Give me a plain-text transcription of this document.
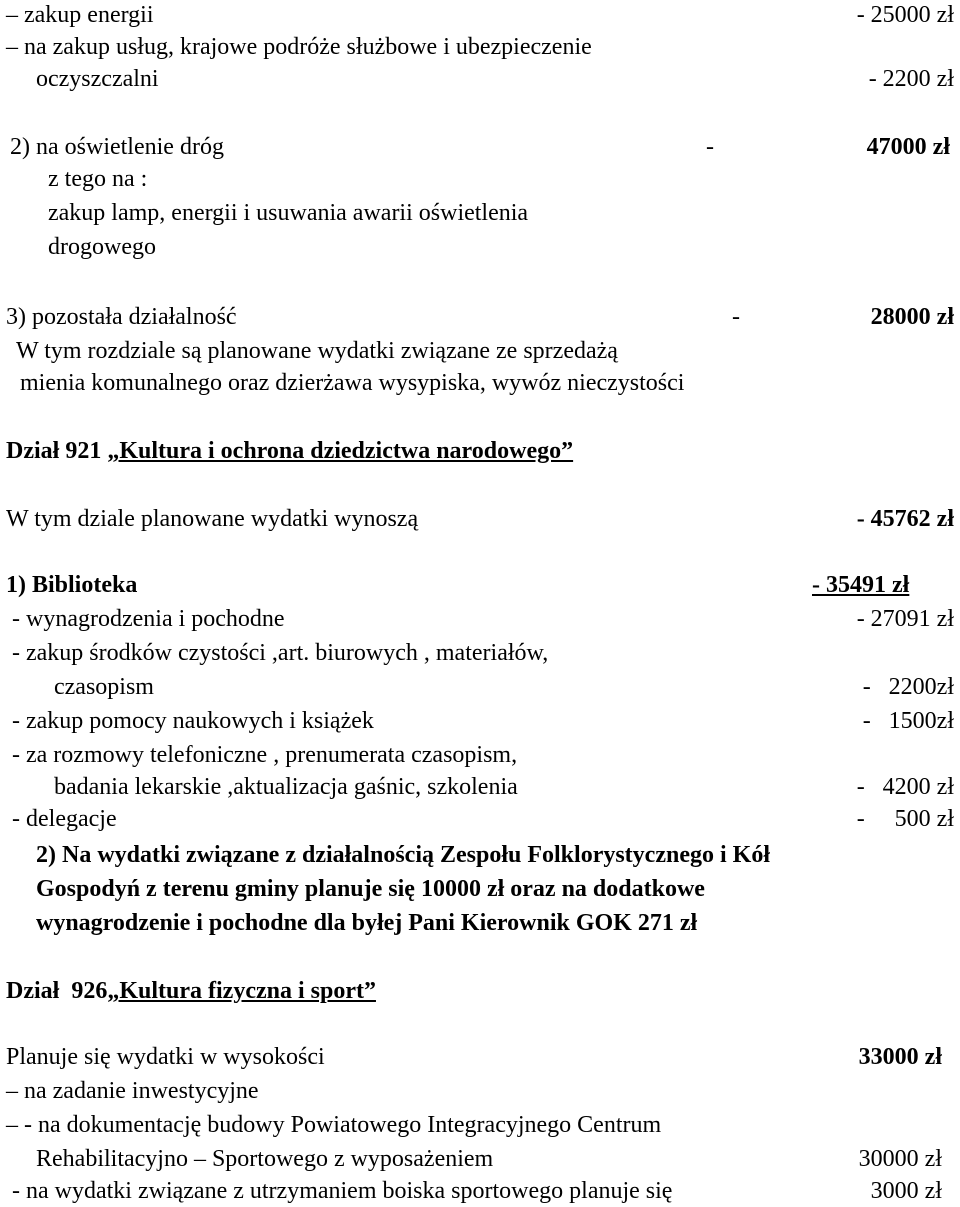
– zakup energii	- 25000 zł
– na zakup usług, krajowe podróże służbowe i ubezpieczenie
oczyszczalni	- 2200 zł
2) na oświetlenie dróg	-	47000 zł
z tego na :
zakup lamp, energii i usuwania awarii oświetlenia
drogowego
3) pozostała działalność	-	28000 zł
W tym rozdziale są planowane wydatki związane ze sprzedażą
mienia komunalnego oraz dzierżawa wysypiska, wywóz nieczystości
Dział 921 „Kultura i ochrona dziedzictwa narodowego”
W tym dziale planowane wydatki wynoszą	- 45762 zł
1) Biblioteka	- 35491 zł
- wynagrodzenia i pochodne	- 27091 zł
- zakup środków czystości ,art. biurowych , materiałów,
czasopism	-   2200zł
- zakup pomocy naukowych i książek	-   1500zł
- za rozmowy telefoniczne , prenumerata czasopism,
badania lekarskie ,aktualizacja gaśnic, szkolenia	-   4200 zł
- delegacje	-     500 zł
2) Na wydatki związane z działalnością Zespołu Folklorystycznego i Kół
Gospodyń z terenu gminy planuje się 10000 zł oraz na dodatkowe
wynagrodzenie i pochodne dla byłej Pani Kierownik GOK 271 zł
Dział  926„Kultura fizyczna i sport”
Planuje się wydatki w wysokości	33000 zł
– na zadanie inwestycyjne
– - na dokumentację budowy Powiatowego Integracyjnego Centrum
Rehabilitacyjno – Sportowego z wyposażeniem	30000 zł
- na wydatki związane z utrzymaniem boiska sportowego planuje się	3000 zł
